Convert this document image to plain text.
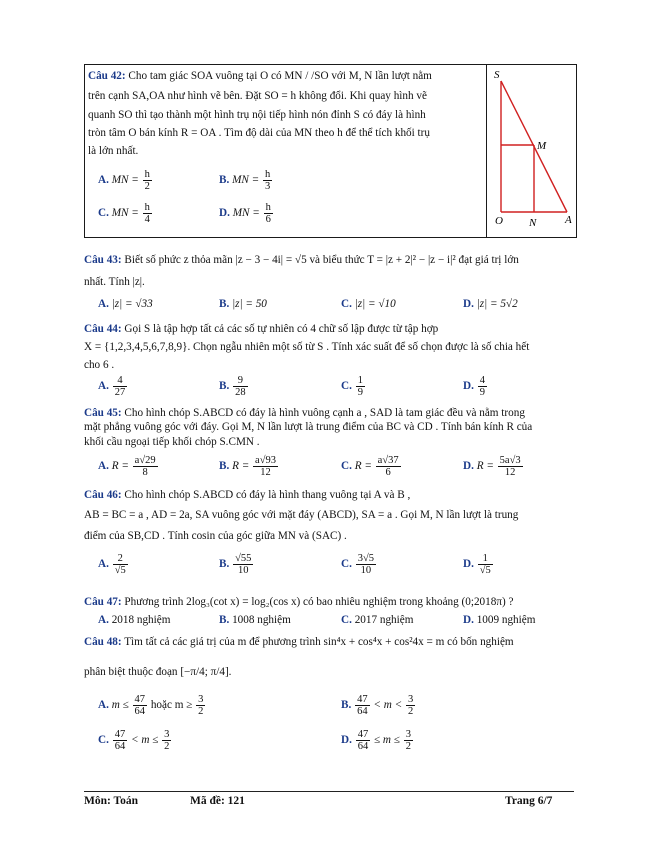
S
M
O N	A
Câu 42: Cho tam giác SOA vuông tại O có MN / /SO với M, N lần lượt nằm
trên cạnh SA,OA như hình vẽ bên. Đặt SO = h không đổi. Khi quay hình vẽ
quanh SO thì tạo thành một hình trụ nội tiếp hình nón đỉnh S có đáy là hình
tròn tâm O bán kính R = OA . Tìm độ dài của MN theo h để thể tích khối trụ
là lớn nhất.
A. MN = $\frac{h}{2}$	B. MN = $\frac{h}{3}$
C. MN = $\frac{h}{4}$	D. MN = $\frac{h}{6}$
Câu 43: Biết số phức z thỏa mãn |z − 3 − 4i| = √5 và biểu thức T = |z + 2|² − |z − i|² đạt giá trị lớn
nhất. Tính |z|.
A. |z| = √33	B. |z| = 50	C. |z| = √10	D. |z| = 5√2
Câu 44: Gọi S là tập hợp tất cả các số tự nhiên có 4 chữ số lập được từ tập hợp
X = {1,2,3,4,5,6,7,8,9}. Chọn ngẫu nhiên một số từ S . Tính xác suất để số chọn được là số chia hết
cho 6 .
A. $\frac{4}{27}$	B. $\frac{9}{28}$	C. $\frac{1}{9}$	D. $\frac{4}{9}$
Câu 45: Cho hình chóp S.ABCD có đáy là hình vuông cạnh a , SAD là tam giác đều và nằm trong
mặt phẳng vuông góc với đáy. Gọi M, N lần lượt là trung điểm của BC và CD . Tính bán kính R của
khối cầu ngoại tiếp khối chóp S.CMN .
A. $R = \frac{a√29}{8}$	B. $R = \frac{a√93}{12}$	C. $R = \frac{a√37}{6}$	D. $R = \frac{5a√3}{12}$
Câu 46: Cho hình chóp S.ABCD có đáy là hình thang vuông tại A và B ,
AB = BC = a , AD = 2a, SA vuông góc với mặt đáy (ABCD), SA = a . Gọi M, N lần lượt là trung
điểm của SB,CD . Tính cosin của góc giữa MN và (SAC) .
A. $\frac{2}{√5}$	B. $\frac{√55}{10}$	C. $\frac{3√5}{10}$	D. $\frac{1}{√5}$
Câu 47: Phương trình 2log₃(cot x) = log₂(cos x) có bao nhiêu nghiệm trong khoảng (0;2018π) ?
A. 2018 nghiệm	B. 1008 nghiệm	C. 2017 nghiệm	D. 1009 nghiệm
Câu 48: Tìm tất cả các giá trị của m để phương trình sin⁴x + cos⁴x + cos²4x = m có bốn nghiệm
phân biệt thuộc đoạn [−π/4; π/4].
A. $m \le \frac{47}{64}$ hoặc $m \ge \frac{3}{2}$	B. $\frac{47}{64} < m < \frac{3}{2}$
C. $\frac{47}{64} < m \le \frac{3}{2}$	D. $\frac{47}{64} \le m \le \frac{3}{2}$
Môn: Toán	Mã đề: 121	Trang 6/7
